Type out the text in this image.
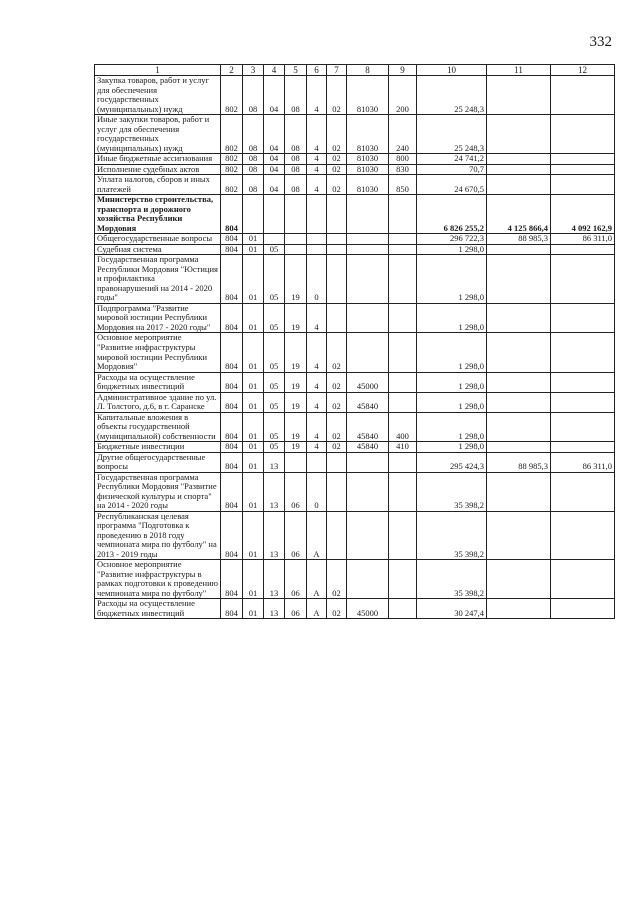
332
1	2	3	4	5	6	7	8	9	10	11	12
Закупка товаров, работ и услуг для обеспечения государственных (муниципальных) нужд	802	08	04	08	4	02	81030	200	25 248,3		
Иные закупки товаров, работ и услуг для обеспечения государственных (муниципальных) нужд	802	08	04	08	4	02	81030	240	25 248,3		
Иные бюджетные ассигнования	802	08	04	08	4	02	81030	800	24 741,2		
Исполнение судебных актов	802	08	04	08	4	02	81030	830	70,7		
Уплата налогов, сборов и иных платежей	802	08	04	08	4	02	81030	850	24 670,5		
Министерство строительства, транспорта и дорожного хозяйства Республики Мордовия	804								6 826 255,2	4 125 866,4	4 092 162,9
Общегосударственные вопросы	804	01							296 722,3	88 985,3	86 311,0
Судебная система	804	01	05						1 298,0		
Государственная программа Республики Мордовия "Юстиция и профилактика правонарушений на 2014 - 2020 годы"	804	01	05	19	0				1 298,0		
Подпрограмма "Развитие мировой юстиции Республики Мордовия на 2017 - 2020 годы"	804	01	05	19	4				1 298,0		
Основное мероприятие "Развитие инфраструктуры мировой юстиции Республики Мордовия"	804	01	05	19	4	02			1 298,0		
Расходы на осуществление бюджетных инвестиций	804	01	05	19	4	02	45000		1 298,0		
Административное здание по ул. Л. Толстого, д.6, в г. Саранске	804	01	05	19	4	02	45840		1 298,0		
Капитальные вложения в объекты государственной (муниципальной) собственности	804	01	05	19	4	02	45840	400	1 298,0		
Бюджетные инвестиции	804	01	05	19	4	02	45840	410	1 298,0		
Другие общегосударственные вопросы	804	01	13						295 424,3	88 985,3	86 311,0
Государственная программа Республики Мордовия "Развитие физической культуры и спорта" на 2014 - 2020 годы	804	01	13	06	0				35 398,2		
Республиканская целевая программа "Подготовка к проведению в 2018 году чемпионата мира по футболу" на 2013 - 2019 годы	804	01	13	06	А				35 398,2		
Основное мероприятие "Развитие инфраструктуры в рамках подготовки к проведению чемпионата мира по футболу"	804	01	13	06	А	02			35 398,2		
Расходы на осуществление бюджетных инвестиций	804	01	13	06	А	02	45000		30 247,4		
